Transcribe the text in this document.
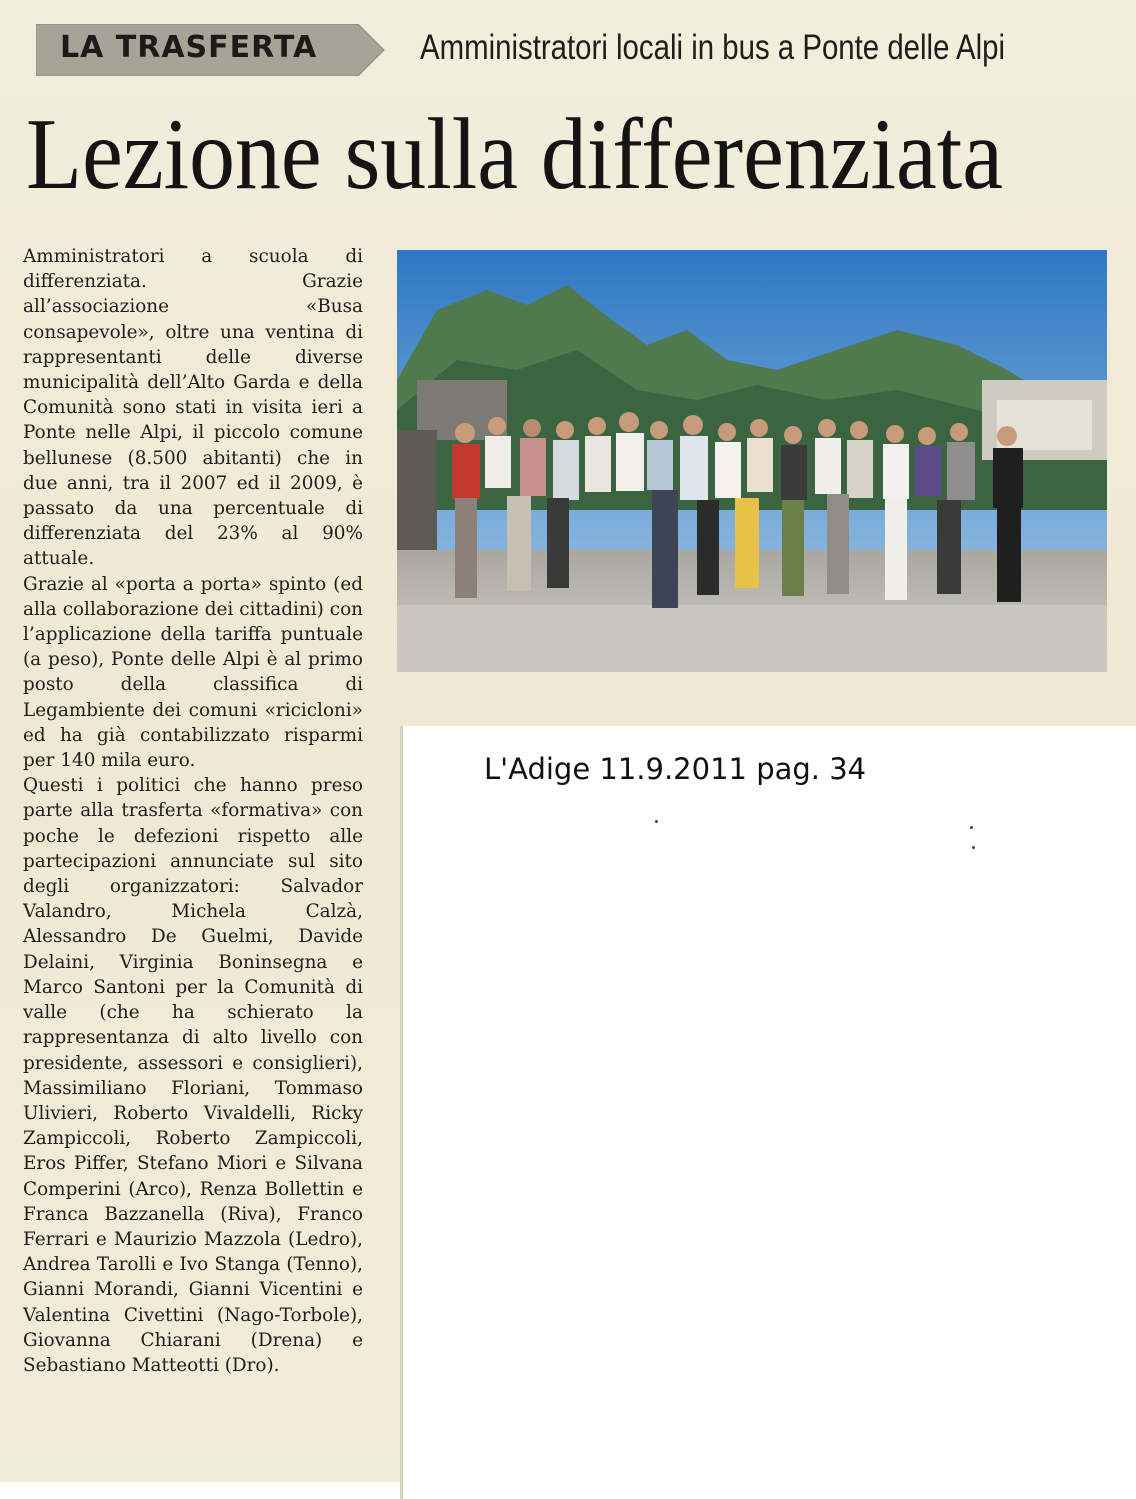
LA TRASFERTA	Amministratori locali in bus a Ponte delle Alpi
Lezione sulla differenziata

Amministratori a scuola di differenziata. Grazie all’associazione «Busa consapevole», oltre una ventina di rappresentanti delle diverse municipalità dell’Alto Garda e della Comunità sono stati in visita ieri a Ponte nelle Alpi, il piccolo comune bellunese (8.500 abitanti) che in due anni, tra il 2007 ed il 2009, è passato da una percentuale di differenziata del 23% al 90% attuale.

Grazie al «porta a porta» spinto (ed alla collaborazione dei cittadini) con l’applicazione della tariffa puntuale (a peso), Ponte delle Alpi è al primo posto della classifica di Legambiente dei comuni «ricicloni» ed ha già contabilizzato risparmi per 140 mila euro.

Questi i politici che hanno preso parte alla trasferta «formativa» con poche le defezioni rispetto alle partecipazioni annunciate sul sito degli organizzatori: Salvador Valandro, Michela Calzà, Alessandro De Guelmi, Davide Delaini, Virginia Boninsegna e Marco Santoni per la Comunità di valle (che ha schierato la rappresentanza di alto livello con presidente, assessori e consiglieri), Massimiliano Floriani, Tommaso Ulivieri, Roberto Vivaldelli, Ricky Zampiccoli, Roberto Zampiccoli, Eros Piffer, Stefano Miori e Silvana Comperini (Arco), Renza Bollettin e Franca Bazzanella (Riva), Franco Ferrari e Maurizio Mazzola (Ledro), Andrea Tarolli e Ivo Stanga (Tenno), Gianni Morandi, Gianni Vicentini e Valentina Civettini (Nago-Torbole), Giovanna Chiarani (Drena) e Sebastiano Matteotti (Dro).

L'Adige 11.9.2011 pag. 34
